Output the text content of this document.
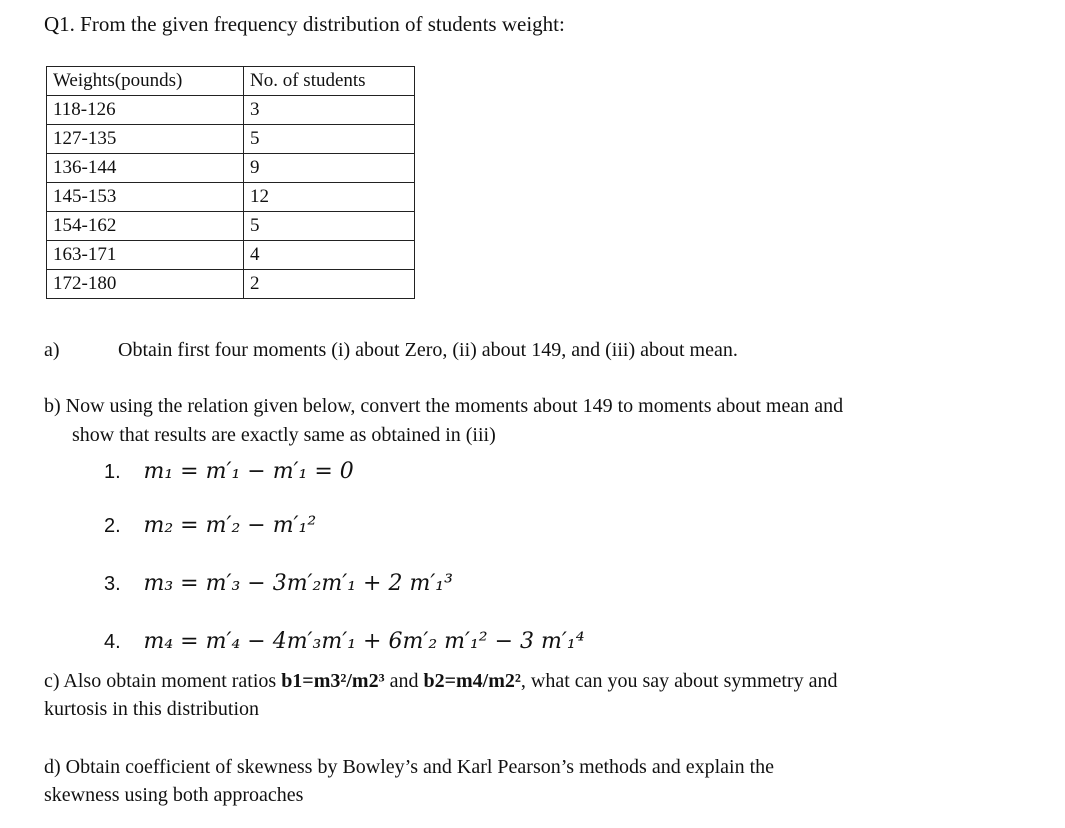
Q1. From the given frequency distribution of students weight:
Weights(pounds)	No. of students
118-126	3
127-135	5
136-144	9
145-153	12
154-162	5
163-171	4
172-180	2
a)	Obtain first four moments (i) about Zero, (ii) about 149, and (iii) about mean.
b) Now using the relation given below, convert the moments about 149 to moments about mean and
show that results are exactly same as obtained in (iii)
1. m₁ = m′₁ − m′₁ = 0
2. m₂ = m′₂ − m′₁²
3. m₃ = m′₃ − 3m′₂m′₁ + 2 m′₁³
4. m₄ = m′₄ − 4m′₃m′₁ + 6m′₂ m′₁² − 3 m′₁⁴
c) Also obtain moment ratios b1=m3²/m2³ and b2=m4/m2², what can you say about symmetry and
kurtosis in this distribution
d) Obtain coefficient of skewness by Bowley’s and Karl Pearson’s methods and explain the
skewness using both approaches
